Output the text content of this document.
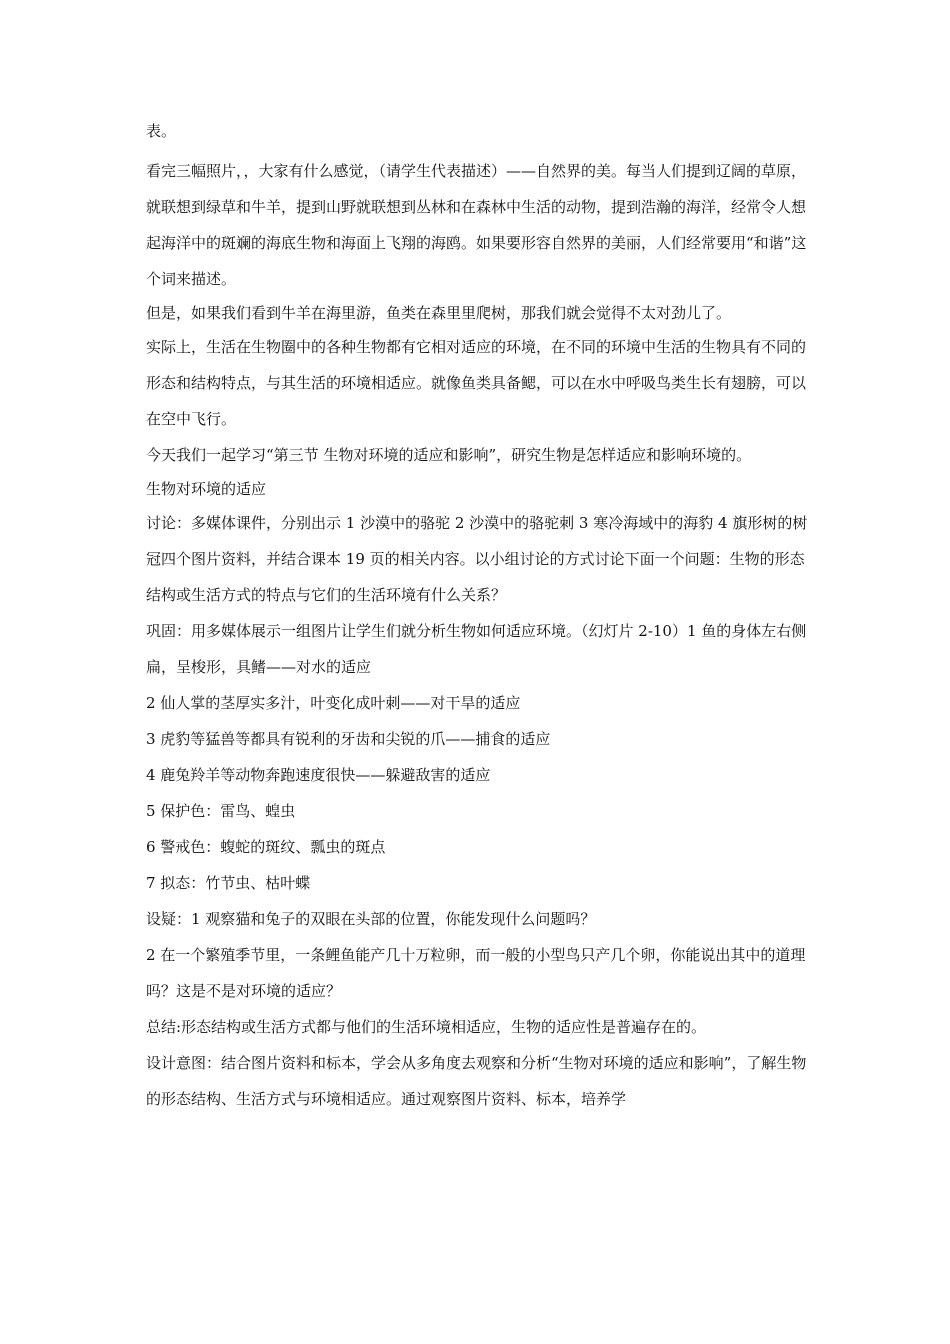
表。

看完三幅照片，，大家有什么感觉，（请学生代表描述）——自然界的美。每当人们提到辽阔的草原，就联想到绿草和牛羊，提到山野就联想到丛林和在森林中生活的动物，提到浩瀚的海洋，经常令人想起海洋中的斑斓的海底生物和海面上飞翔的海鸥。如果要形容自然界的美丽，人们经常要用“和谐”这个词来描述。

但是，如果我们看到牛羊在海里游，鱼类在森里里爬树，那我们就会觉得不太对劲儿了。

实际上，生活在生物圈中的各种生物都有它相对适应的环境，在不同的环境中生活的生物具有不同的形态和结构特点，与其生活的环境相适应。就像鱼类具备鳃，可以在水中呼吸鸟类生长有翅膀，可以在空中飞行。

今天我们一起学习“第三节 生物对环境的适应和影响”，研究生物是怎样适应和影响环境的。

生物对环境的适应

讨论：多媒体课件，分别出示 1 沙漠中的骆驼 2 沙漠中的骆驼刺 3 寒冷海域中的海豹 4 旗形树的树冠四个图片资料，并结合课本 19 页的相关内容。以小组讨论的方式讨论下面一个问题：生物的形态结构或生活方式的特点与它们的生活环境有什么关系？

巩固：用多媒体展示一组图片让学生们就分析生物如何适应环境。（幻灯片 2-10）1 鱼的身体左右侧扁，呈梭形，具鳍——对水的适应

2 仙人掌的茎厚实多汁，叶变化成叶刺——对干旱的适应

3 虎豹等猛兽等都具有锐利的牙齿和尖锐的爪——捕食的适应

4 鹿兔羚羊等动物奔跑速度很快——躲避敌害的适应

5 保护色：雷鸟、蝗虫

6 警戒色：蝮蛇的斑纹、瓢虫的斑点

7 拟态：竹节虫、枯叶蝶

设疑：1 观察猫和兔子的双眼在头部的位置，你能发现什么问题吗？

2 在一个繁殖季节里，一条鲤鱼能产几十万粒卵，而一般的小型鸟只产几个卵，你能说出其中的道理吗？这是不是对环境的适应？

总结:形态结构或生活方式都与他们的生活环境相适应，生物的适应性是普遍存在的。

设计意图：结合图片资料和标本，学会从多角度去观察和分析“生物对环境的适应和影响”，了解生物的形态结构、生活方式与环境相适应。通过观察图片资料、标本，培养学
